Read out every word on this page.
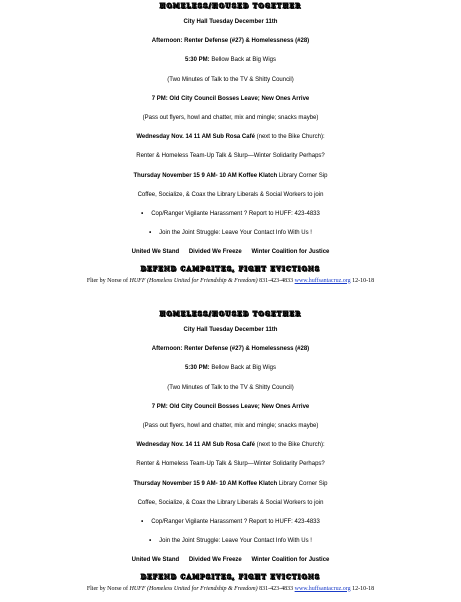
HOMELESS/HOUSED TOGETHER
City Hall Tuesday December 11th
Afternoon: Renter Defense (#27) & Homelessness (#28)
5:30 PM: Bellow Back at Big Wigs
(Two Minutes of Talk to the TV & Shitty Council)
7 PM: Old City Council Bosses Leave; New Ones Arrive
(Pass out flyers, howl and chatter, mix and mingle; snacks maybe)
Wednesday Nov. 14 11 AM Sub Rosa Café (next to the Bike Church):
Renter & Homeless Team-Up Talk & Slurp—Winter Solidarity Perhaps?
Thursday November 15 9 AM- 10 AM Koffee Klatch Library Corner Sip
Coffee, Socialize, & Coax the Library Liberals & Social Workers to join
• Cop/Ranger Vigilante Harassment ? Report to HUFF: 423-4833
• Join the Joint Struggle: Leave Your Contact Info With Us !
United We Stand Divided We Freeze Winter Coalition for Justice
DEFEND CAMPSITES, FIGHT EVICTIONS
Flier by Norse of HUFF (Homeless United for Friendship & Freedom) 831-423-4833 www.huffsantacruz.org 12-10-18
HOMELESS/HOUSED TOGETHER
City Hall Tuesday December 11th
Afternoon: Renter Defense (#27) & Homelessness (#28)
5:30 PM: Bellow Back at Big Wigs
(Two Minutes of Talk to the TV & Shitty Council)
7 PM: Old City Council Bosses Leave; New Ones Arrive
(Pass out flyers, howl and chatter, mix and mingle; snacks maybe)
Wednesday Nov. 14 11 AM Sub Rosa Café (next to the Bike Church):
Renter & Homeless Team-Up Talk & Slurp—Winter Solidarity Perhaps?
Thursday November 15 9 AM- 10 AM Koffee Klatch Library Corner Sip
Coffee, Socialize, & Coax the Library Liberals & Social Workers to join
• Cop/Ranger Vigilante Harassment ? Report to HUFF: 423-4833
• Join the Joint Struggle: Leave Your Contact Info With Us !
United We Stand Divided We Freeze Winter Coalition for Justice
DEFEND CAMPSITES, FIGHT EVICTIONS
Flier by Norse of HUFF (Homeless United for Friendship & Freedom) 831-423-4833 www.huffsantacruz.org 12-10-18
